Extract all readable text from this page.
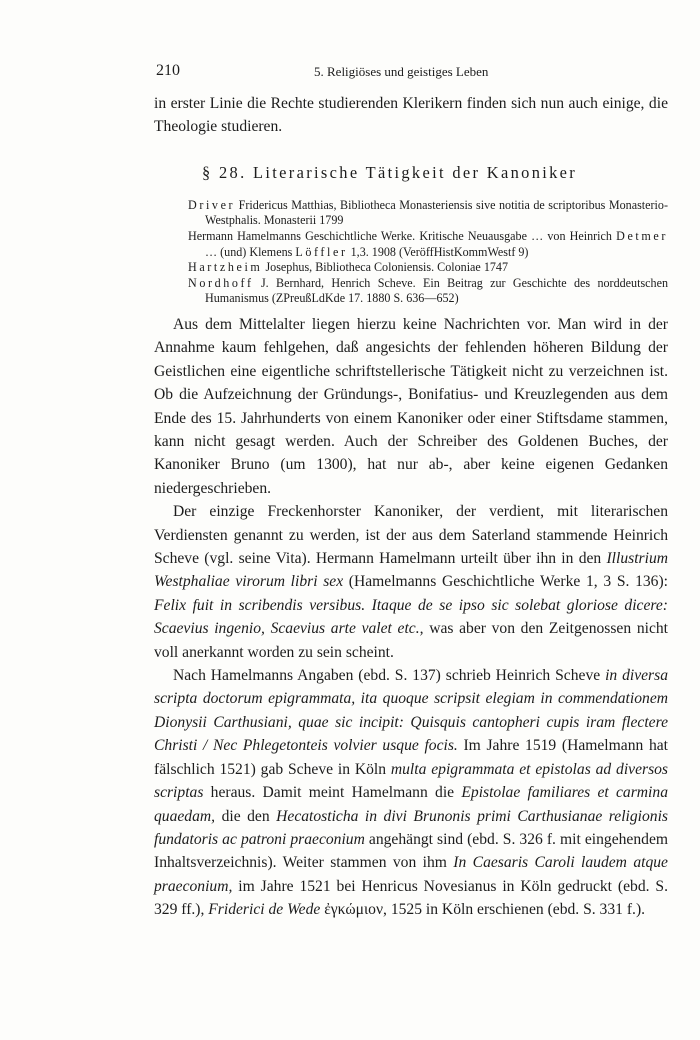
210	5. Religiöses und geistiges Leben

in erster Linie die Rechte studierenden Klerikern finden sich nun auch einige, die Theologie studieren.

§ 28. Literarische Tätigkeit der Kanoniker
Driver Fridericus Matthias, Bibliotheca Monasteriensis sive notitia de scriptoribus Monasterio-Westphalis. Monasterii 1799
Hermann Hamelmanns Geschichtliche Werke. Kritische Neuausgabe … von Heinrich Detmer … (und) Klemens Löffler 1,3. 1908 (VeröffHistKommWestf 9)
Hartzheim Josephus, Bibliotheca Coloniensis. Coloniae 1747
Nordhoff J. Bernhard, Henrich Scheve. Ein Beitrag zur Geschichte des norddeutschen Humanismus (ZPreußLdKde 17. 1880 S. 636—652)

Aus dem Mittelalter liegen hierzu keine Nachrichten vor. Man wird in der Annahme kaum fehlgehen, daß angesichts der fehlenden höheren Bildung der Geistlichen eine eigentliche schriftstellerische Tätigkeit nicht zu verzeichnen ist. Ob die Aufzeichnung der Gründungs-, Bonifatius- und Kreuzlegenden aus dem Ende des 15. Jahrhunderts von einem Kanoniker oder einer Stiftsdame stammen, kann nicht gesagt werden. Auch der Schreiber des Goldenen Buches, der Kanoniker Bruno (um 1300), hat nur ab-, aber keine eigenen Gedanken niedergeschrieben.

Der einzige Freckenhorster Kanoniker, der verdient, mit literarischen Verdiensten genannt zu werden, ist der aus dem Saterland stammende Heinrich Scheve (vgl. seine Vita). Hermann Hamelmann urteilt über ihn in den Illustrium Westphaliae virorum libri sex (Hamelmanns Geschichtliche Werke 1, 3 S. 136): Felix fuit in scribendis versibus. Itaque de se ipso sic solebat gloriose dicere: Scaevius ingenio, Scaevius arte valet etc., was aber von den Zeitgenossen nicht voll anerkannt worden zu sein scheint.

Nach Hamelmanns Angaben (ebd. S. 137) schrieb Heinrich Scheve in diversa scripta doctorum epigrammata, ita quoque scripsit elegiam in commendationem Dionysii Carthusiani, quae sic incipit: Quisquis cantopheri cupis iram flectere Christi / Nec Phlegetonteis volvier usque focis. Im Jahre 1519 (Hamelmann hat fälschlich 1521) gab Scheve in Köln multa epigrammata et epistolas ad diversos scriptas heraus. Damit meint Hamelmann die Epistolae familiares et carmina quaedam, die den Hecatosticha in divi Brunonis primi Carthusianae religionis fundatoris ac patroni praeconium angehängt sind (ebd. S. 326 f. mit eingehendem Inhaltsverzeichnis). Weiter stammen von ihm In Caesaris Caroli laudem atque praeconium, im Jahre 1521 bei Henricus Novesianus in Köln gedruckt (ebd. S. 329 ff.), Friderici de Wede ἐγκώμιον, 1525 in Köln erschienen (ebd. S. 331 f.).
